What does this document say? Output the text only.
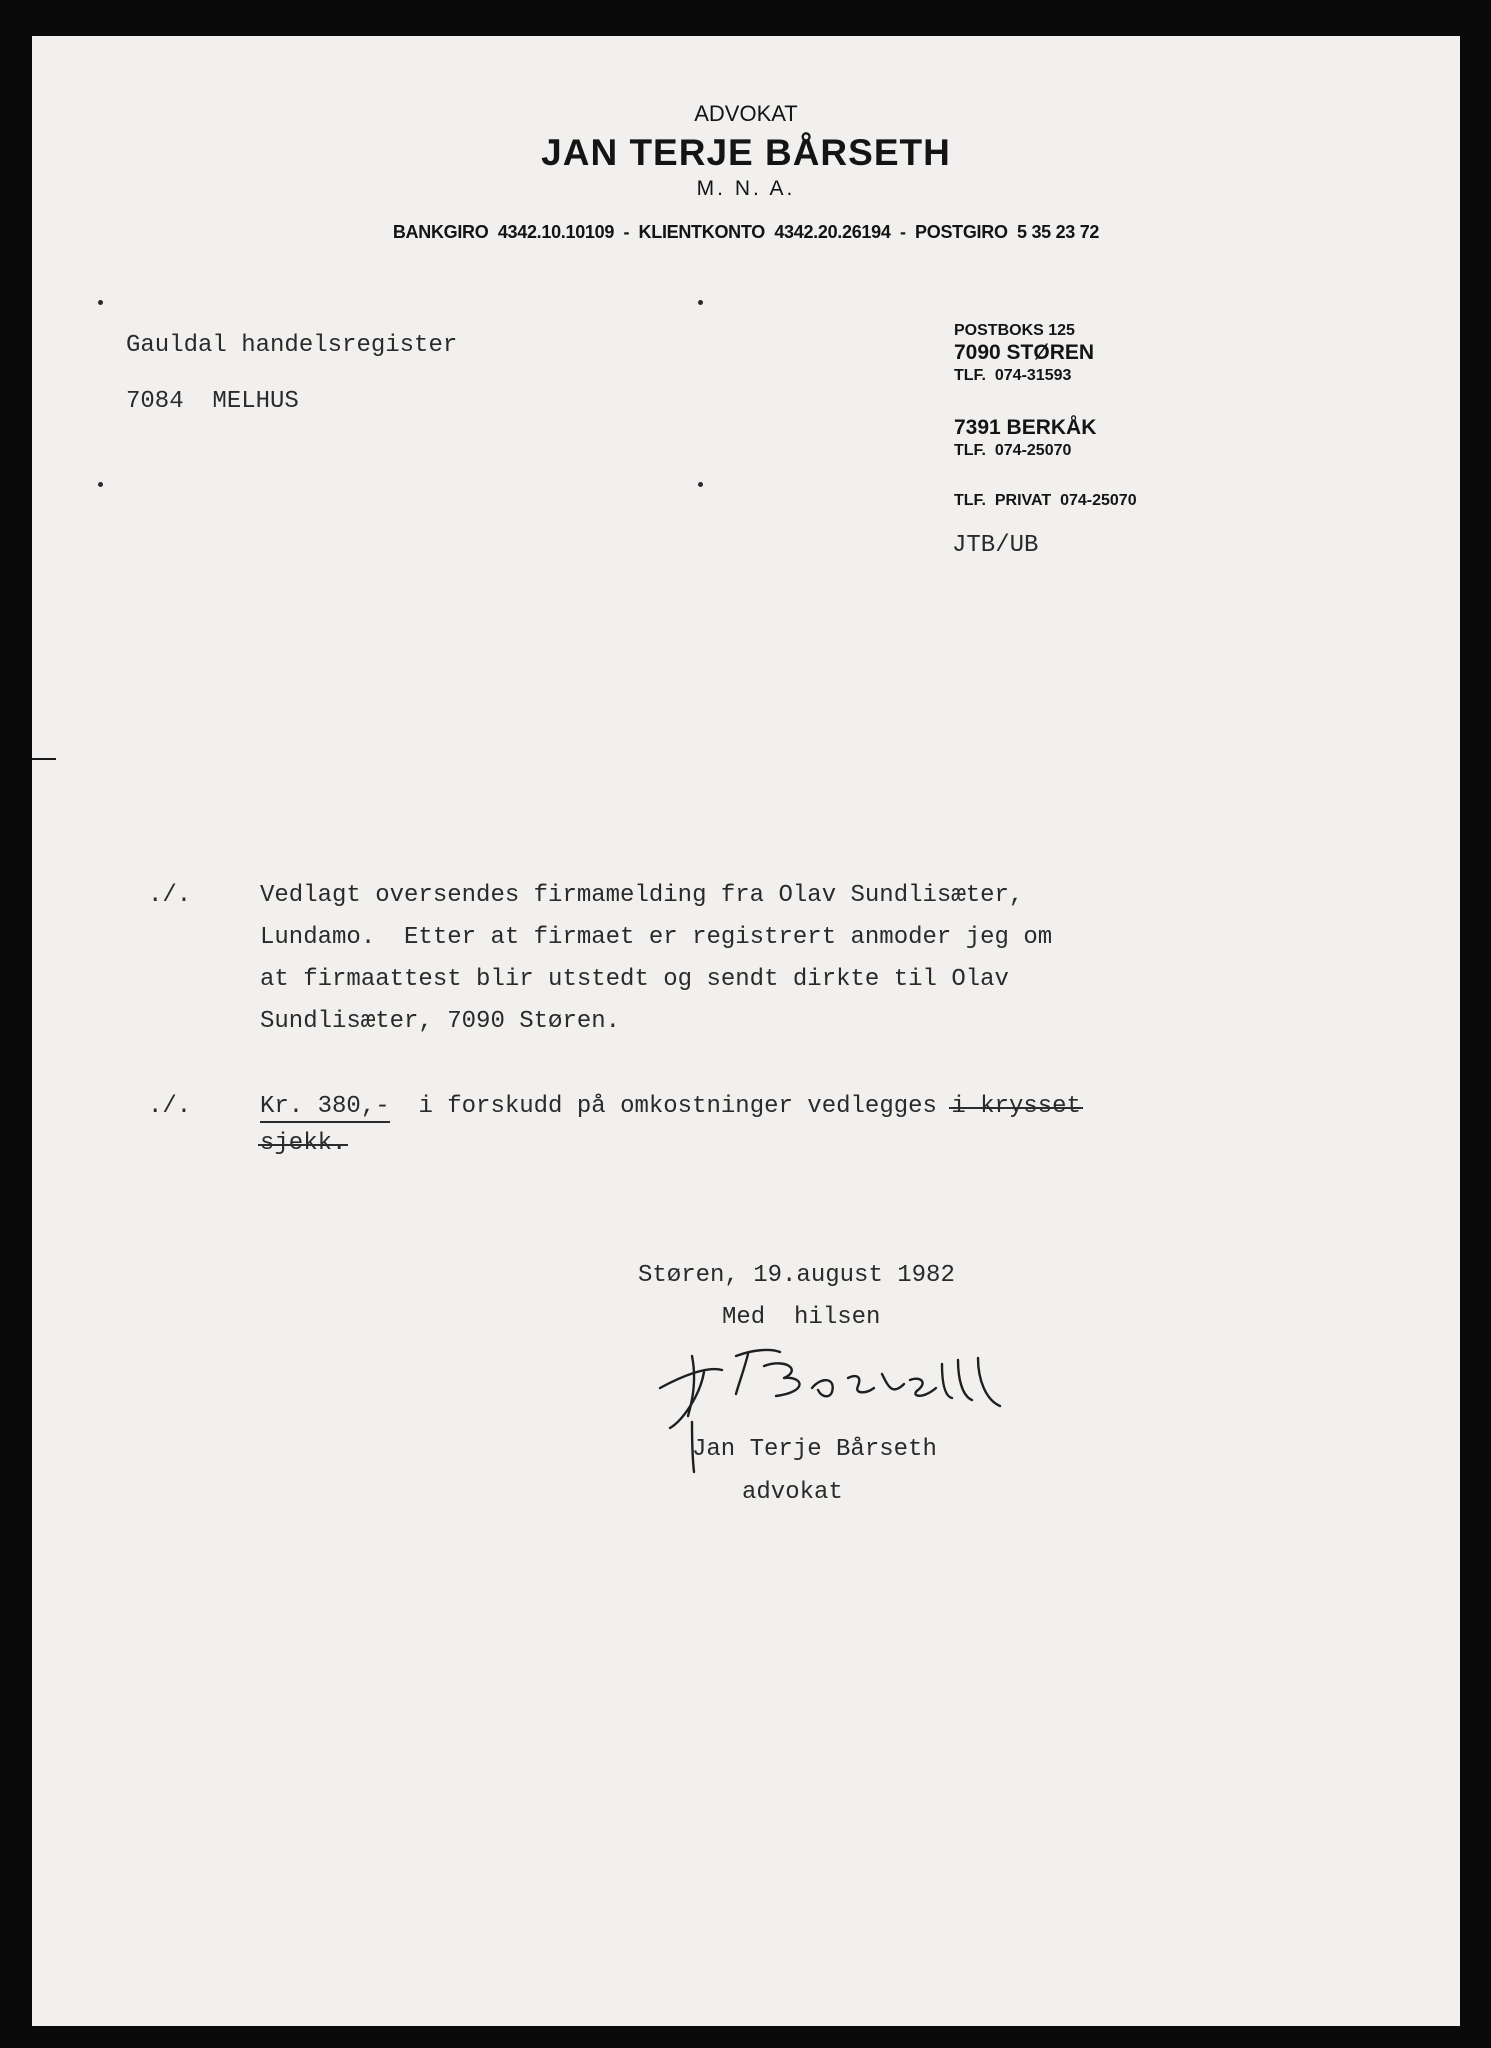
ADVOKAT

JAN TERJE BÅRSETH

M. N. A.

BANKGIRO  4342.10.10109  -  KLIENTKONTO  4342.20.26194  -  POSTGIRO  5 35 23 72

Gauldal handelsregister

7084  MELHUS

POSTBOKS 125

7090 STØREN

TLF.  074-31593

7391 BERKÅK

TLF.  074-25070

TLF.  PRIVAT  074-25070

JTB/UB

./.	Vedlagt oversendes firmamelding fra Olav Sundlisæter,

Lundamo.  Etter at firmaet er registrert anmoder jeg om

at firmaattest blir utstedt og sendt dirkte til Olav

Sundlisæter, 7090 Støren.

./.	Kr. 380,- i forskudd på omkostninger vedlegges i krysset

sjekk.

Støren, 19.august 1982

Med  hilsen

Jan Terje Bårseth

advokat
